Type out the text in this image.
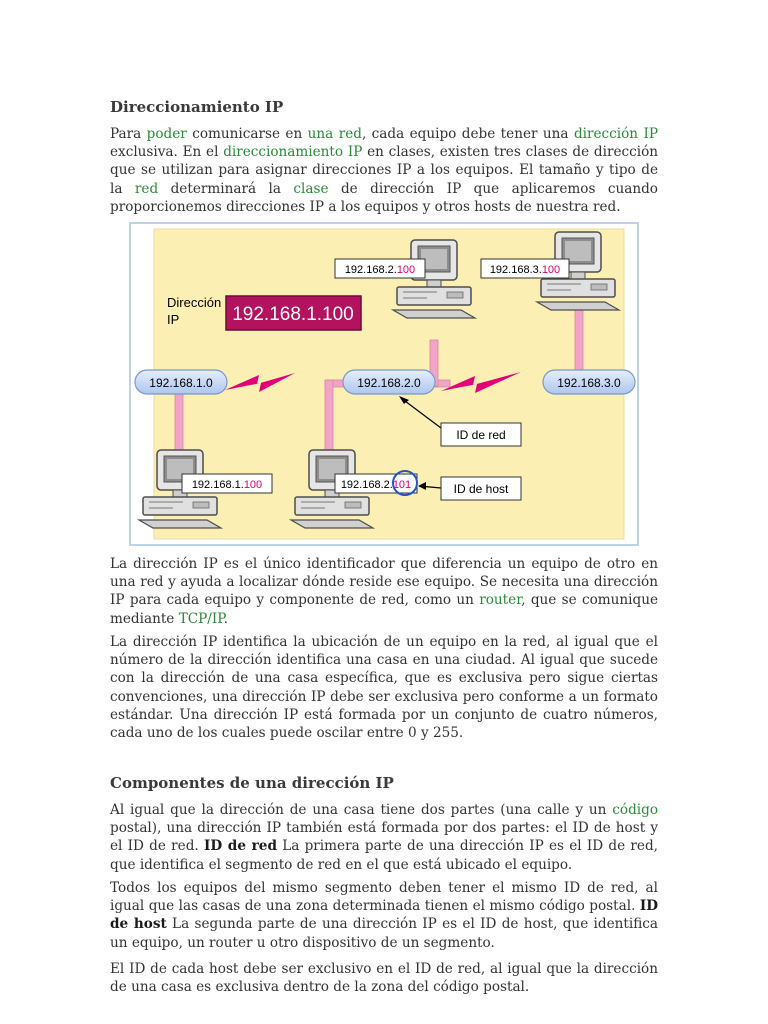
Direccionamiento IP

Para poder comunicarse en una red, cada equipo debe tener una dirección IP exclusiva. En el direccionamiento IP en clases, existen tres clases de dirección que se utilizan para asignar direcciones IP a los equipos. El tamaño y tipo de la red determinará la clase de dirección IP que aplicaremos cuando proporcionemos direcciones IP a los equipos y otros hosts de nuestra red.

192.168.1.0	192.168.2.0	192.168.3.0
192.168.2.100	192.168.3.100
192.168.1.100	192.168.2.101
Dirección
IP	192.168.1.100
ID de red
ID de host

La dirección IP es el único identificador que diferencia un equipo de otro en una red y ayuda a localizar dónde reside ese equipo. Se necesita una dirección IP para cada equipo y componente de red, como un router, que se comunique mediante TCP/IP.

La dirección IP identifica la ubicación de un equipo en la red, al igual que el número de la dirección identifica una casa en una ciudad. Al igual que sucede con la dirección de una casa específica, que es exclusiva pero sigue ciertas convenciones, una dirección IP debe ser exclusiva pero conforme a un formato estándar. Una dirección IP está formada por un conjunto de cuatro números, cada uno de los cuales puede oscilar entre 0 y 255.

Componentes de una dirección IP

Al igual que la dirección de una casa tiene dos partes (una calle y un código postal), una dirección IP también está formada por dos partes: el ID de host y el ID de red. ID de red La primera parte de una dirección IP es el ID de red, que identifica el segmento de red en el que está ubicado el equipo.

Todos los equipos del mismo segmento deben tener el mismo ID de red, al igual que las casas de una zona determinada tienen el mismo código postal. ID de host La segunda parte de una dirección IP es el ID de host, que identifica un equipo, un router u otro dispositivo de un segmento.

El ID de cada host debe ser exclusivo en el ID de red, al igual que la dirección de una casa es exclusiva dentro de la zona del código postal.
